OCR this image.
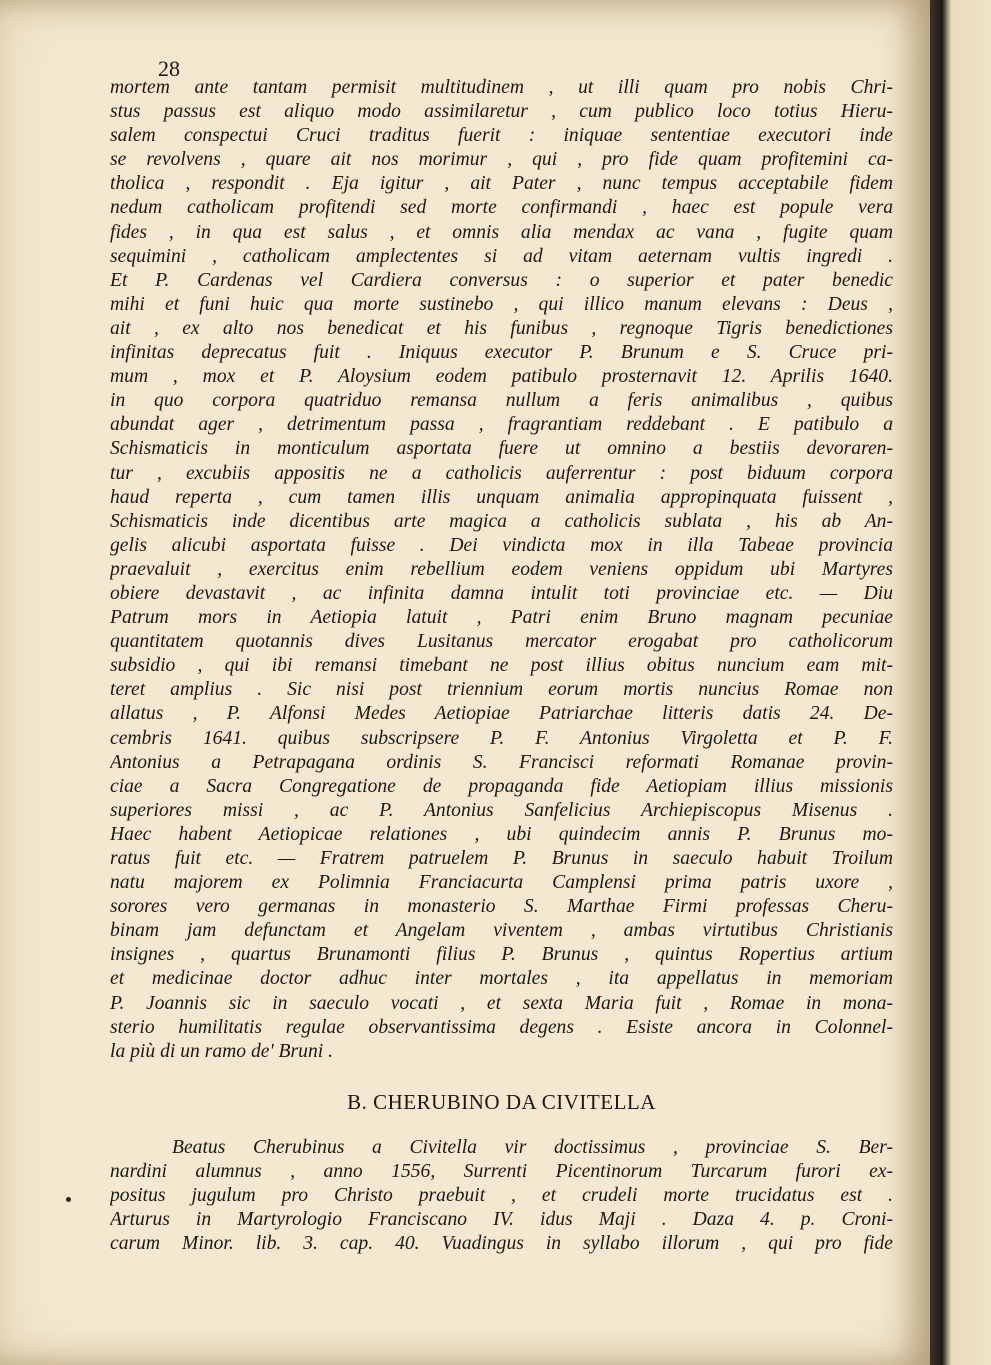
28
mortem ante tantam permisit multitudinem , ut illi quam pro nobis Chri-
stus passus est aliquo modo assimilaretur , cum publico loco totius Hieru-
salem conspectui Cruci traditus fuerit : iniquae sententiae executori inde
se revolvens , quare ait nos morimur , qui , pro fide quam profitemini ca-
tholica , respondit . Eja igitur , ait Pater , nunc tempus acceptabile fidem
nedum catholicam profitendi sed morte confirmandi , haec est popule vera
fides , in qua est salus , et omnis alia mendax ac vana , fugite quam
sequimini , catholicam amplectentes si ad vitam aeternam vultis ingredi .
Et P. Cardenas vel Cardiera conversus : o superior et pater benedic
mihi et funi huic qua morte sustinebo , qui illico manum elevans : Deus ,
ait , ex alto nos benedicat et his funibus , regnoque Tigris benedictiones
infinitas deprecatus fuit . Iniquus executor P. Brunum e S. Cruce pri-
mum , mox et P. Aloysium eodem patibulo prosternavit 12. Aprilis 1640.
in quo corpora quatriduo remansa nullum a feris animalibus , quibus
abundat ager , detrimentum passa , fragrantiam reddebant . E patibulo a
Schismaticis in monticulum asportata fuere ut omnino a bestiis devoraren-
tur , excubiis appositis ne a catholicis auferrentur : post biduum corpora
haud reperta , cum tamen illis unquam animalia appropinquata fuissent ,
Schismaticis inde dicentibus arte magica a catholicis sublata , his ab An-
gelis alicubi asportata fuisse . Dei vindicta mox in illa Tabeae provincia
praevaluit , exercitus enim rebellium eodem veniens oppidum ubi Martyres
obiere devastavit , ac infinita damna intulit toti provinciae etc. — Diu
Patrum mors in Aetiopia latuit , Patri enim Bruno magnam pecuniae
quantitatem quotannis dives Lusitanus mercator erogabat pro catholicorum
subsidio , qui ibi remansi timebant ne post illius obitus nuncium eam mit-
teret amplius . Sic nisi post triennium eorum mortis nuncius Romae non
allatus , P. Alfonsi Medes Aetiopiae Patriarchae litteris datis 24. De-
cembris 1641. quibus subscripsere P. F. Antonius Virgoletta et P. F.
Antonius a Petrapagana ordinis S. Francisci reformati Romanae provin-
ciae a Sacra Congregatione de propaganda fide Aetiopiam illius missionis
superiores missi , ac P. Antonius Sanfelicius Archiepiscopus Misenus .
Haec habent Aetiopicae relationes , ubi quindecim annis P. Brunus mo-
ratus fuit etc. — Fratrem patruelem P. Brunus in saeculo habuit Troilum
natu majorem ex Polimnia Franciacurta Camplensi prima patris uxore ,
sorores vero germanas in monasterio S. Marthae Firmi professas Cheru-
binam jam defunctam et Angelam viventem , ambas virtutibus Christianis
insignes , quartus Brunamonti filius P. Brunus , quintus Ropertius artium
et medicinae doctor adhuc inter mortales , ita appellatus in memoriam
P. Joannis sic in saeculo vocati , et sexta Maria fuit , Romae in mona-
sterio humilitatis regulae observantissima degens . Esiste ancora in Colonnel-
la più di un ramo de' Bruni .
B. CHERUBINO DA CIVITELLA
Beatus Cherubinus a Civitella vir doctissimus , provinciae S. Ber-
nardini alumnus , anno 1556, Surrenti Picentinorum Turcarum furori ex-
positus jugulum pro Christo praebuit , et crudeli morte trucidatus est .
Arturus in Martyrologio Franciscano IV. idus Maji . Daza 4. p. Croni-
carum Minor. lib. 3. cap. 40. Vuadingus in syllabo illorum , qui pro fide
